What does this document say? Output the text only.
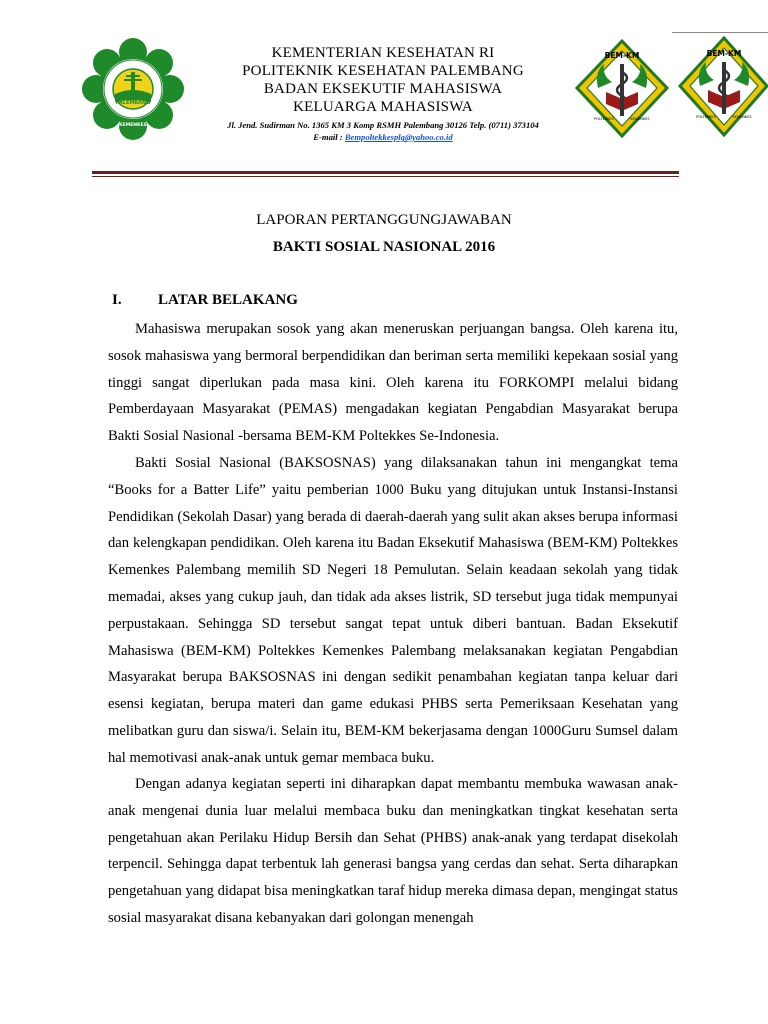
PALEMBANG
KEMENKES
KEMENTERIAN KESEHATAN RI
POLITEKNIK KESEHATAN PALEMBANG
BADAN EKSEKUTIF MAHASISWA
KELUARGA MAHASISWA
Jl. Jend. Sudirman No. 1365 KM 3 Komp RSMH Palembang 30126 Telp. (0711) 373104
E-mail : Bempoltekkesplg@yahoo.co.id
BEM-KM
POLTEKKES	KEMENKES
BEM-KM
POLTEKKES	KEMENKES
LAPORAN PERTANGGUNGJAWABAN
BAKTI SOSIAL NASIONAL 2016
I. LATAR BELAKANG

Mahasiswa merupakan sosok yang akan meneruskan perjuangan bangsa. Oleh karena itu, sosok mahasiswa yang bermoral berpendidikan dan beriman serta memiliki kepekaan sosial yang tinggi sangat diperlukan pada masa kini. Oleh karena itu FORKOMPI melalui bidang Pemberdayaan Masyarakat (PEMAS) mengadakan kegiatan Pengabdian Masyarakat berupa Bakti Sosial Nasional -bersama BEM-KM Poltekkes Se-Indonesia.

Bakti Sosial Nasional (BAKSOSNAS) yang dilaksanakan tahun ini mengangkat tema “Books for a Batter Life” yaitu pemberian 1000 Buku yang ditujukan untuk Instansi-Instansi Pendidikan (Sekolah Dasar) yang berada di daerah-daerah yang sulit akan akses berupa informasi dan kelengkapan pendidikan. Oleh karena itu Badan Eksekutif Mahasiswa (BEM-KM) Poltekkes Kemenkes Palembang memilih SD Negeri 18 Pemulutan. Selain keadaan sekolah yang tidak memadai, akses yang cukup jauh, dan tidak ada akses listrik, SD tersebut juga tidak mempunyai perpustakaan. Sehingga SD tersebut sangat tepat untuk diberi bantuan. Badan Eksekutif Mahasiswa (BEM-KM) Poltekkes Kemenkes Palembang melaksanakan kegiatan Pengabdian Masyarakat berupa BAKSOSNAS ini dengan sedikit penambahan kegiatan tanpa keluar dari esensi kegiatan, berupa materi dan game edukasi PHBS serta Pemeriksaan Kesehatan yang melibatkan guru dan siswa/i. Selain itu, BEM-KM bekerjasama dengan 1000Guru Sumsel dalam hal memotivasi anak-anak untuk gemar membaca buku.

Dengan adanya kegiatan seperti ini diharapkan dapat membantu membuka wawasan anak- anak mengenai dunia luar melalui membaca buku dan meningkatkan tingkat kesehatan serta pengetahuan akan Perilaku Hidup Bersih dan Sehat (PHBS) anak-anak yang terdapat disekolah terpencil. Sehingga dapat terbentuk lah generasi bangsa yang cerdas dan sehat. Serta diharapkan pengetahuan yang didapat bisa meningkatkan taraf hidup mereka dimasa depan, mengingat status sosial masyarakat disana kebanyakan dari golongan menengah
